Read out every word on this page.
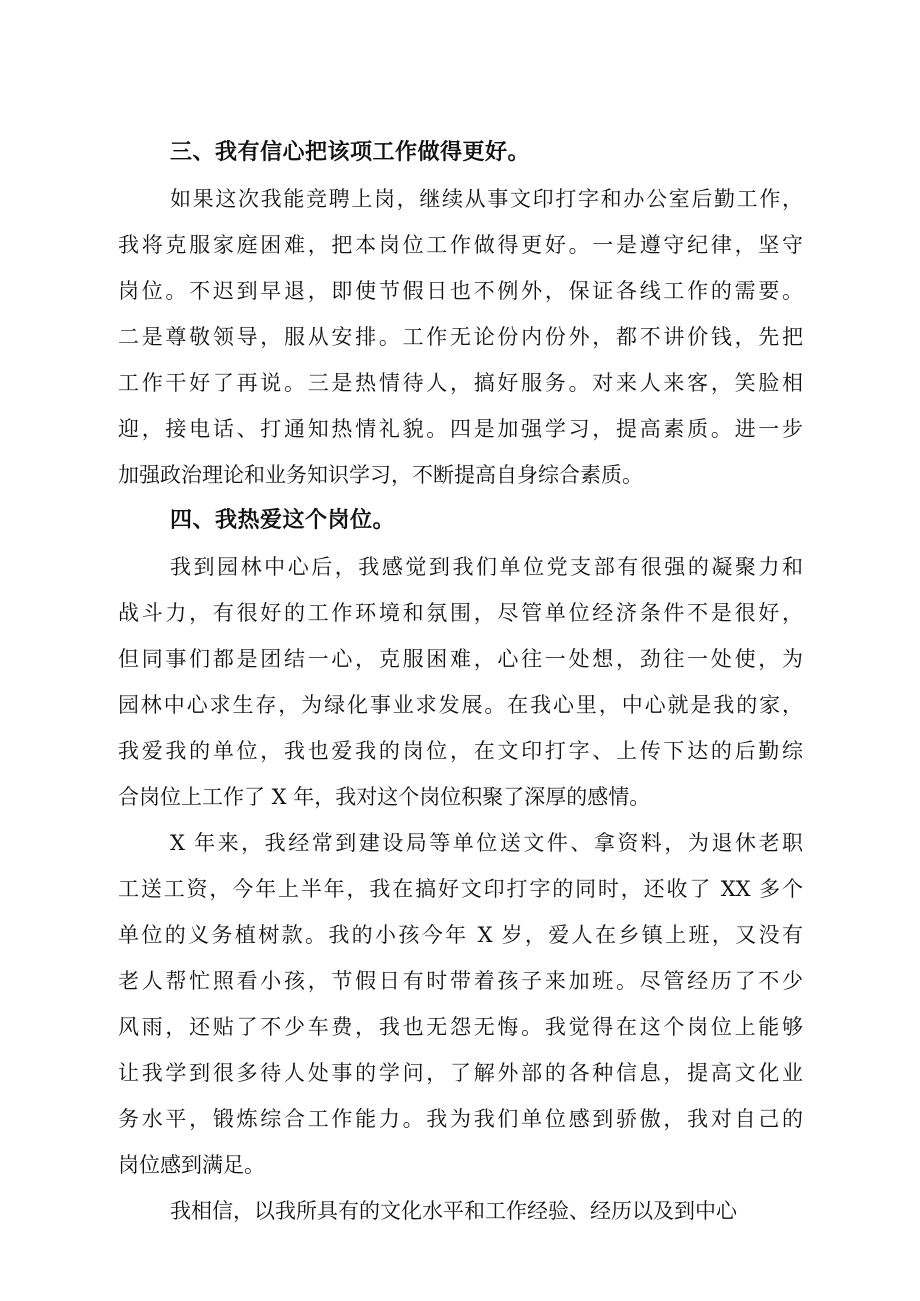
三、我有信心把该项工作做得更好。
如果这次我能竞聘上岗，继续从事文印打字和办公室后勤工作，
我将克服家庭困难，把本岗位工作做得更好。一是遵守纪律，坚守
岗位。不迟到早退，即使节假日也不例外，保证各线工作的需要。
二是尊敬领导，服从安排。工作无论份内份外，都不讲价钱，先把
工作干好了再说。三是热情待人，搞好服务。对来人来客，笑脸相
迎，接电话、打通知热情礼貌。四是加强学习，提高素质。进一步
加强政治理论和业务知识学习，不断提高自身综合素质。
四、我热爱这个岗位。
我到园林中心后，我感觉到我们单位党支部有很强的凝聚力和
战斗力，有很好的工作环境和氛围，尽管单位经济条件不是很好，
但同事们都是团结一心，克服困难，心往一处想，劲往一处使，为
园林中心求生存，为绿化事业求发展。在我心里，中心就是我的家，
我爱我的单位，我也爱我的岗位，在文印打字、上传下达的后勤综
合岗位上工作了 X 年，我对这个岗位积聚了深厚的感情。
X 年来，我经常到建设局等单位送文件、拿资料，为退休老职
工送工资，今年上半年，我在搞好文印打字的同时，还收了 XX 多个
单位的义务植树款。我的小孩今年 X 岁，爱人在乡镇上班，又没有
老人帮忙照看小孩，节假日有时带着孩子来加班。尽管经历了不少
风雨，还贴了不少车费，我也无怨无悔。我觉得在这个岗位上能够
让我学到很多待人处事的学问，了解外部的各种信息，提高文化业
务水平，锻炼综合工作能力。我为我们单位感到骄傲，我对自己的
岗位感到满足。
我相信，以我所具有的文化水平和工作经验、经历以及到中心
